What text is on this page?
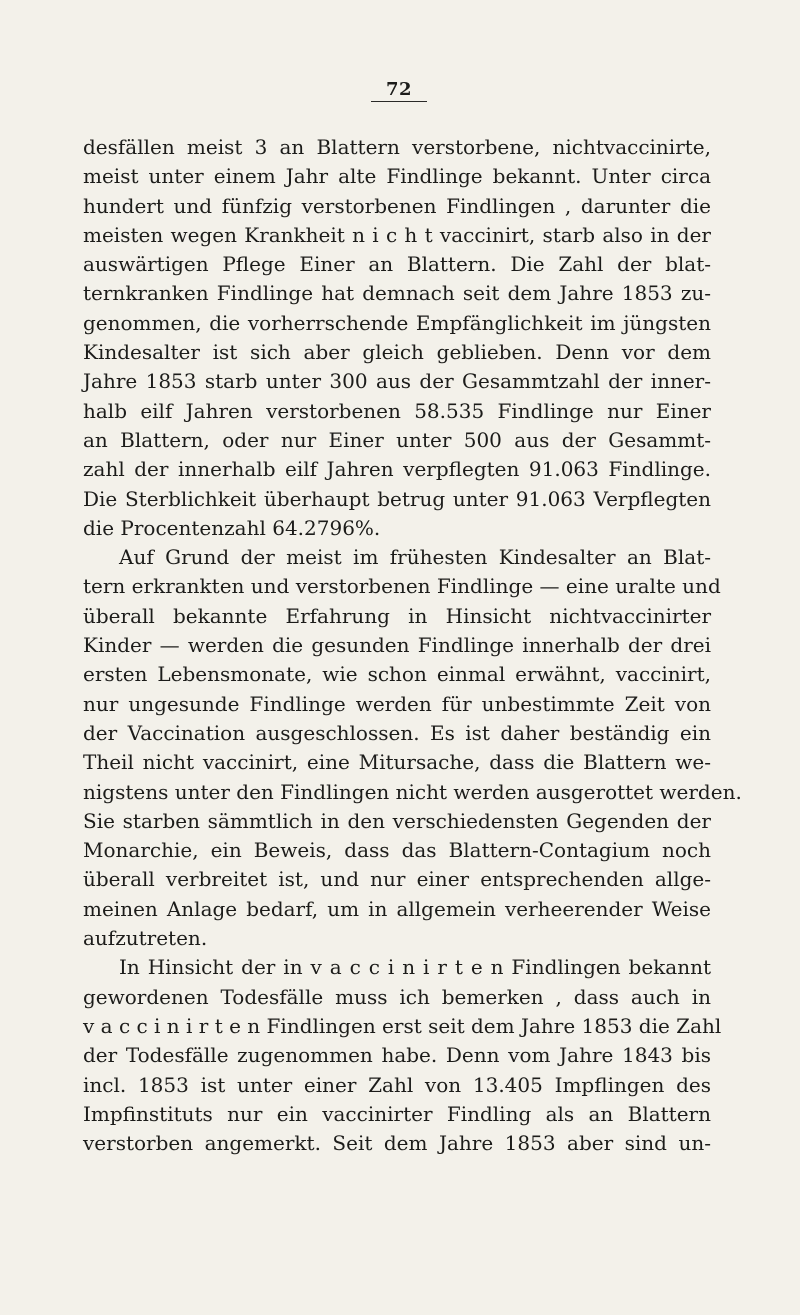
72
desfällen meist 3 an Blattern verstorbene, nichtvaccinirte,
meist unter einem Jahr alte Findlinge bekannt. Unter circa
hundert und fünfzig verstorbenen Findlingen , darunter die
meisten wegen Krankheit n i c h t vaccinirt, starb also in der
auswärtigen Pflege Einer an Blattern. Die Zahl der blat-
ternkranken Findlinge hat demnach seit dem Jahre 1853 zu-
genommen, die vorherrschende Empfänglichkeit im jüngsten
Kindesalter ist sich aber gleich geblieben. Denn vor dem
Jahre 1853 starb unter 300 aus der Gesammtzahl der inner-
halb eilf Jahren verstorbenen 58.535 Findlinge nur Einer
an Blattern, oder nur Einer unter 500 aus der Gesammt-
zahl der innerhalb eilf Jahren verpflegten 91.063 Findlinge.
Die Sterblichkeit überhaupt betrug unter 91.063 Verpflegten
die Procentenzahl 64.2796%.
Auf Grund der meist im frühesten Kindesalter an Blat-
tern erkrankten und verstorbenen Findlinge — eine uralte und
überall bekannte Erfahrung in Hinsicht nichtvaccinirter
Kinder — werden die gesunden Findlinge innerhalb der drei
ersten Lebensmonate, wie schon einmal erwähnt, vaccinirt,
nur ungesunde Findlinge werden für unbestimmte Zeit von
der Vaccination ausgeschlossen. Es ist daher beständig ein
Theil nicht vaccinirt, eine Mitursache, dass die Blattern we-
nigstens unter den Findlingen nicht werden ausgerottet werden.
Sie starben sämmtlich in den verschiedensten Gegenden der
Monarchie, ein Beweis, dass das Blattern-Contagium noch
überall verbreitet ist, und nur einer entsprechenden allge-
meinen Anlage bedarf, um in allgemein verheerender Weise
aufzutreten.
In Hinsicht der in v a c c i n i r t e n Findlingen bekannt
gewordenen Todesfälle muss ich bemerken , dass auch in
v a c c i n i r t e n Findlingen erst seit dem Jahre 1853 die Zahl
der Todesfälle zugenommen habe. Denn vom Jahre 1843 bis
incl. 1853 ist unter einer Zahl von 13.405 Impflingen des
Impfinstituts nur ein vaccinirter Findling als an Blattern
verstorben angemerkt. Seit dem Jahre 1853 aber sind un-
